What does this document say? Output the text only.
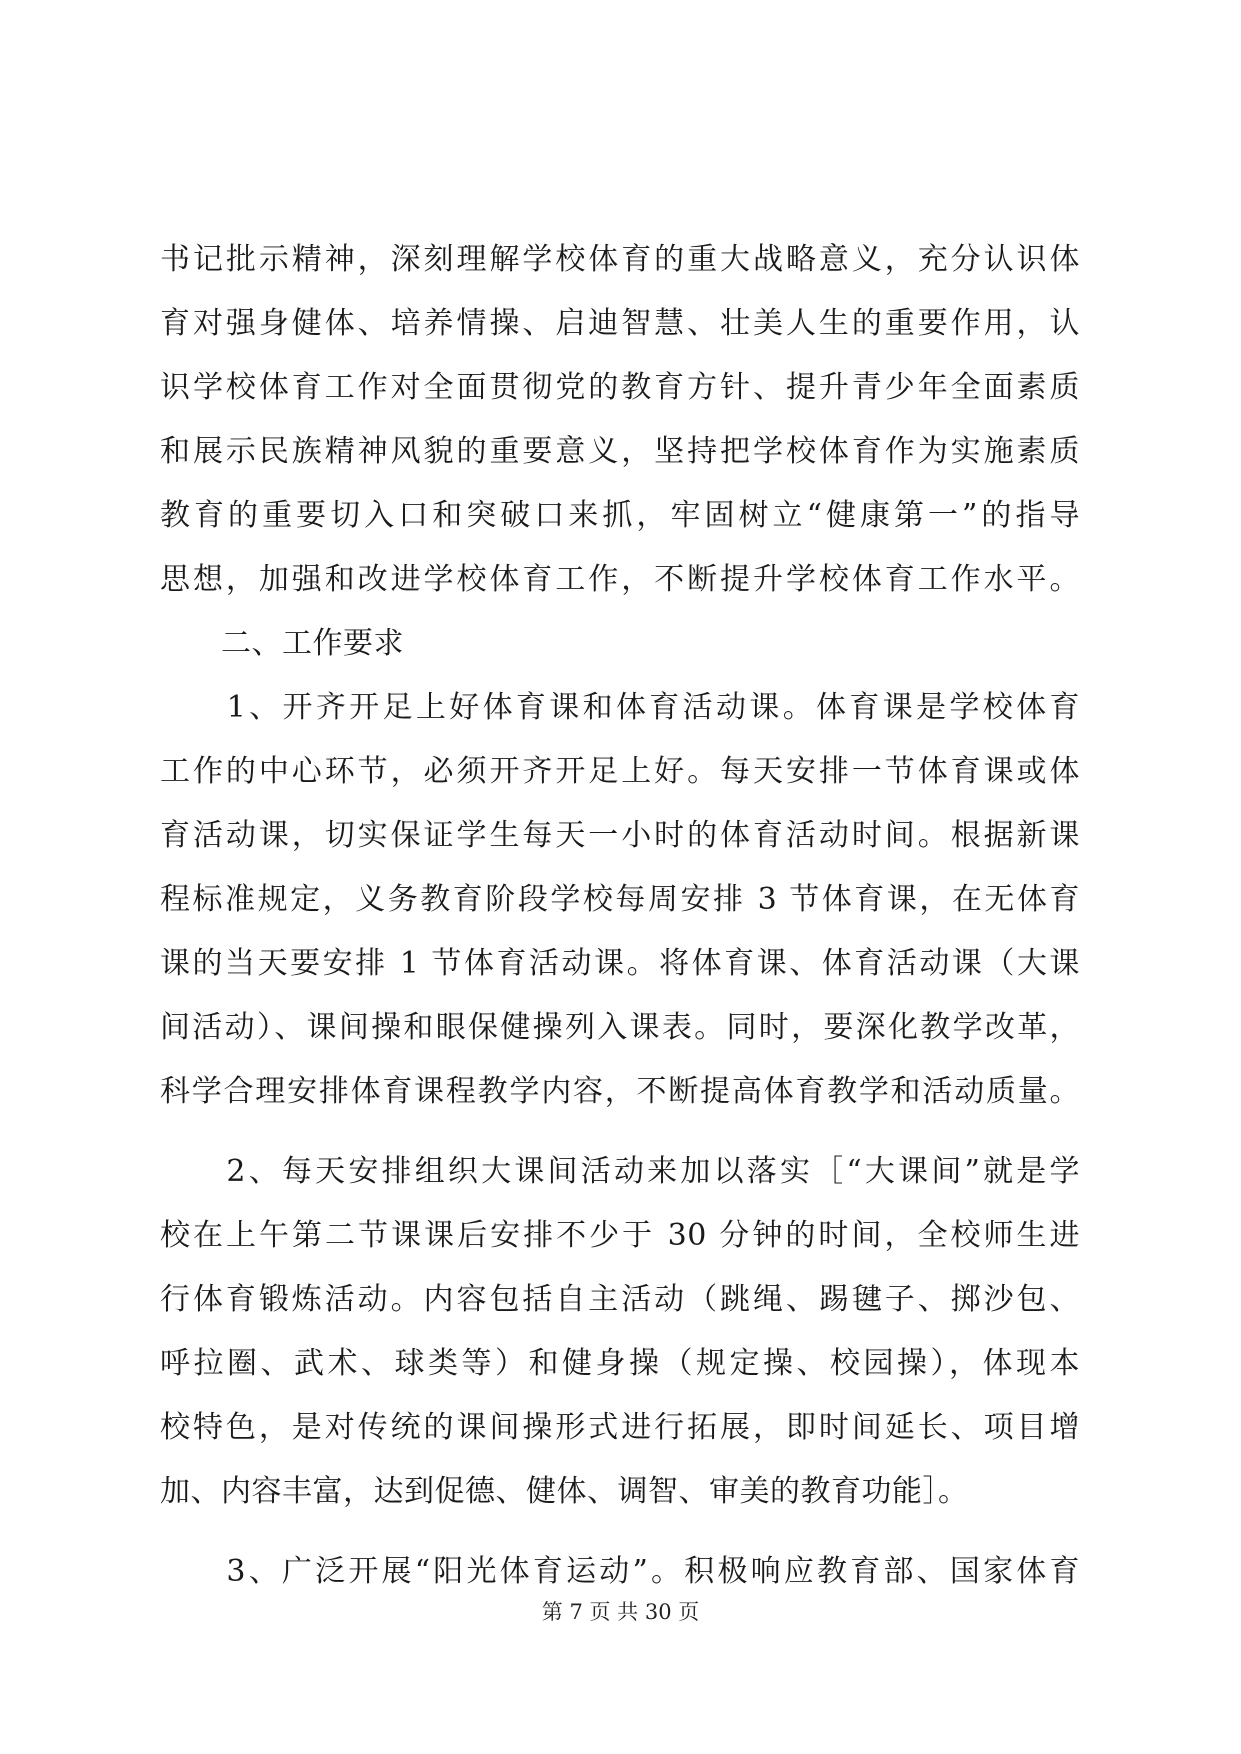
书记批示精神，深刻理解学校体育的重大战略意义，充分认识体
育对强身健体、培养情操、启迪智慧、壮美人生的重要作用，认
识学校体育工作对全面贯彻党的教育方针、提升青少年全面素质
和展示民族精神风貌的重要意义，坚持把学校体育作为实施素质
教育的重要切入口和突破口来抓，牢固树立“健康第一”的指导
思想，加强和改进学校体育工作，不断提升学校体育工作水平。
　　二、工作要求
　　1、开齐开足上好体育课和体育活动课。体育课是学校体育
工作的中心环节，必须开齐开足上好。每天安排一节体育课或体
育活动课，切实保证学生每天一小时的体育活动时间。根据新课
程标准规定，义务教育阶段学校每周安排 3 节体育课，在无体育
课的当天要安排 1 节体育活动课。将体育课、体育活动课（大课
间活动）、课间操和眼保健操列入课表。同时，要深化教学改革，
科学合理安排体育课程教学内容，不断提高体育教学和活动质量。
　　2、每天安排组织大课间活动来加以落实［“大课间”就是学
校在上午第二节课课后安排不少于 30 分钟的时间，全校师生进
行体育锻炼活动。内容包括自主活动（跳绳、踢毽子、掷沙包、
呼拉圈、武术、球类等）和健身操（规定操、校园操），体现本
校特色，是对传统的课间操形式进行拓展，即时间延长、项目增
加、内容丰富，达到促德、健体、调智、审美的教育功能］。
　　3、广泛开展“阳光体育运动”。积极响应教育部、国家体育
第 7 页 共 30 页
